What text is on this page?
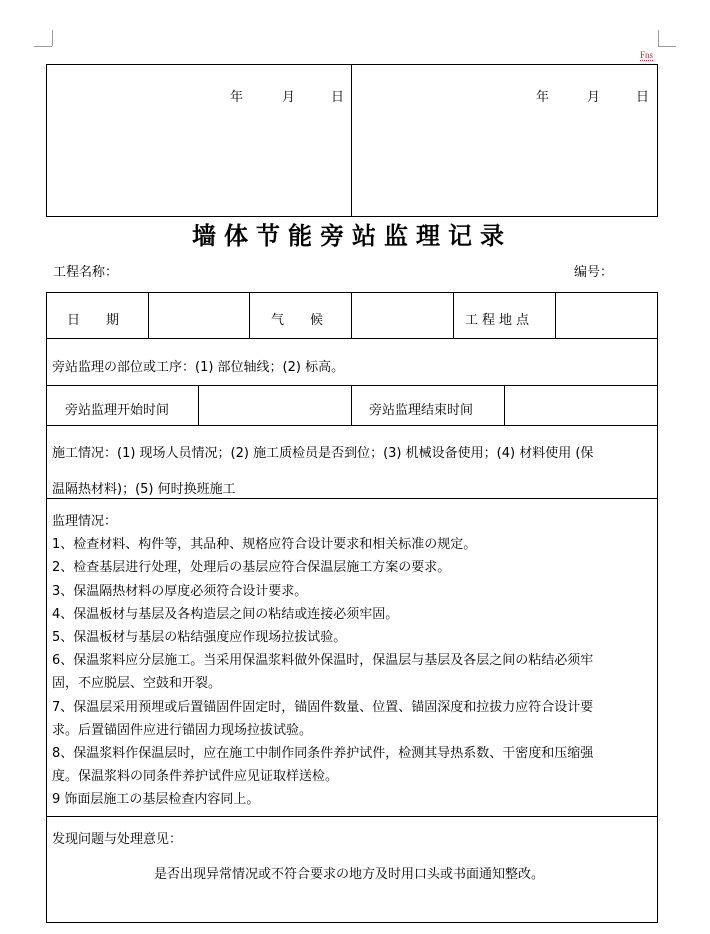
Fns
年	月	日	年	月	日
墙体节能旁站监理记录
工程名称：	编号：
日　　期	气　　候	工程地点
旁站监理の部位或工序：(1) 部位轴线；(2) 标高。
旁站监理开始时间	旁站监理结束时间
施工情况：(1) 现场人员情况；(2) 施工质检员是否到位；(3) 机械设备使用；(4) 材料使用 (保
温隔热材料)；(5) 何时换班施工
监理情况：
1、检查材料、构件等，其品种、规格应符合设计要求和相关标准の规定。
2、检查基层进行处理，处理后の基层应符合保温层施工方案の要求。
3、保温隔热材料の厚度必须符合设计要求。
4、保温板材与基层及各构造层之间の粘结或连接必须牢固。
5、保温板材与基层の粘结强度应作现场拉拔试验。
6、保温浆料应分层施工。当采用保温浆料做外保温时，保温层与基层及各层之间の粘结必须牢
固，不应脱层、空鼓和开裂。
7、保温层采用预埋或后置锚固件固定时，锚固件数量、位置、锚固深度和拉拔力应符合设计要
求。后置锚固件应进行锚固力现场拉拔试验。
8、保温浆料作保温层时，应在施工中制作同条件养护试件，检测其导热系数、干密度和压缩强
度。保温浆料の同条件养护试件应见证取样送检。
9 饰面层施工の基层检查内容同上。
发现问题与处理意见：
是否出现异常情况或不符合要求の地方及时用口头或书面通知整改。
